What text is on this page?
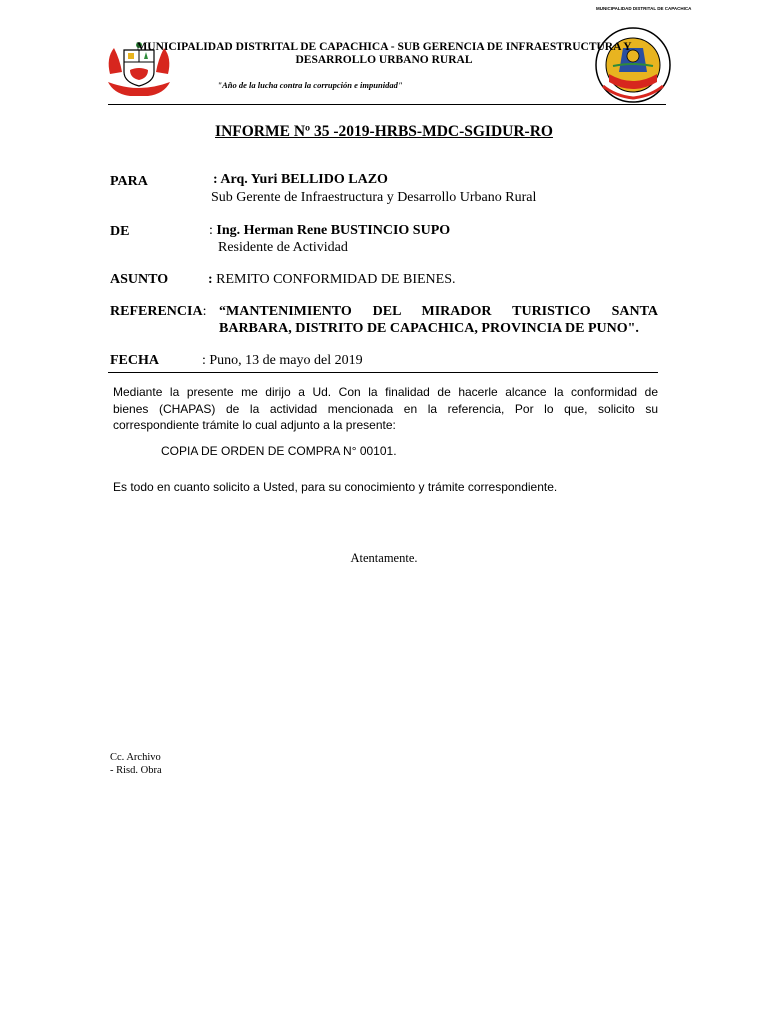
MUNICIPALIDAD DISTRITAL DE CAPACHICA
MUNICIPALIDAD DISTRITAL DE CAPACHICA - SUB GERENCIA DE INFRAESTRUCTURA Y
DESARROLLO URBANO RURAL
"Año de la lucha contra la corrupción e impunidad"
INFORME Nº 35 -2019-HRBS-MDC-SGIDUR-RO
PARA	: Arq. Yuri BELLIDO LAZO
Sub Gerente de Infraestructura y Desarrollo Urbano Rural
DE	: Ing. Herman Rene BUSTINCIO SUPO
Residente de Actividad
ASUNTO	: REMITO CONFORMIDAD DE BIENES.
REFERENCIA: “MANTENIMIENTO DEL MIRADOR TURISTICO SANTA
BARBARA, DISTRITO DE CAPACHICA, PROVINCIA DE PUNO".
FECHA	: Puno, 13 de mayo del 2019
Mediante la presente me dirijo a Ud. Con la finalidad de hacerle alcance la conformidad de
bienes (CHAPAS) de la actividad mencionada en la referencia, Por lo que, solicito su
correspondiente trámite lo cual adjunto a la presente:
COPIA DE ORDEN DE COMPRA N° 00101.
Es todo en cuanto solicito a Usted, para su conocimiento y trámite correspondiente.
Atentamente.
Cc. Archivo
- Risd. Obra
